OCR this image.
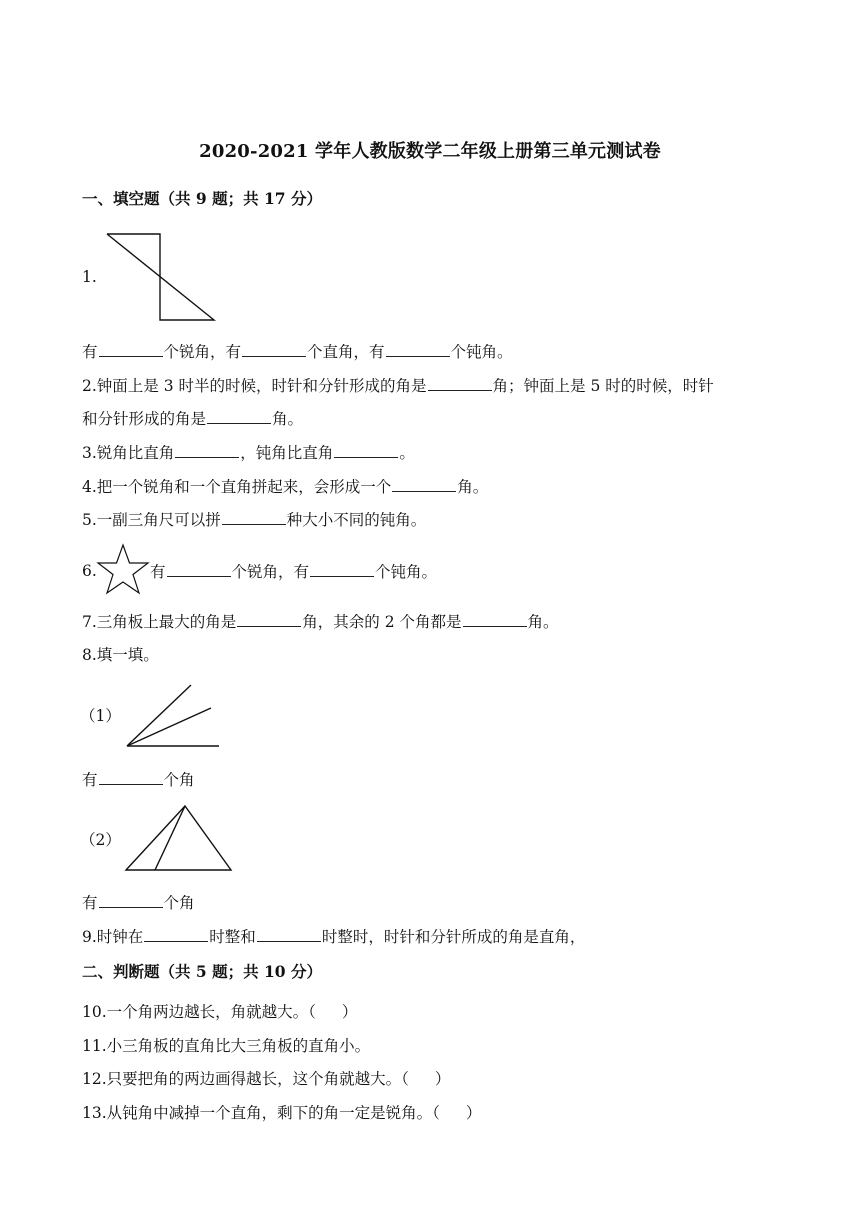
2020-2021 学年人教版数学二年级上册第三单元测试卷
一、填空题（共 9 题；共 17 分）
1.
有	个锐角，有	个直角，有	个钝角。
2.钟面上是 3 时半的时候，时针和分针形成的角是	角；钟面上是 5 时的时候，时针
和分针形成的角是	角。
3.锐角比直角	，钝角比直角	。
4.把一个锐角和一个直角拼起来，会形成一个	角。
5.一副三角尺可以拼	种大小不同的钝角。
6.	有	个锐角，有	个钝角。
7.三角板上最大的角是	角，其余的 2 个角都是	角。
8.填一填。
（1）
有	个角
（2）
有	个角
9.时钟在	时整和	时整时，时针和分针所成的角是直角，
二、判断题（共 5 题；共 10 分）
10.一个角两边越长，角就越大。（ ）
11.小三角板的直角比大三角板的直角小。
12.只要把角的两边画得越长，这个角就越大。（ ）
13.从钝角中减掉一个直角，剩下的角一定是锐角。（ ）
